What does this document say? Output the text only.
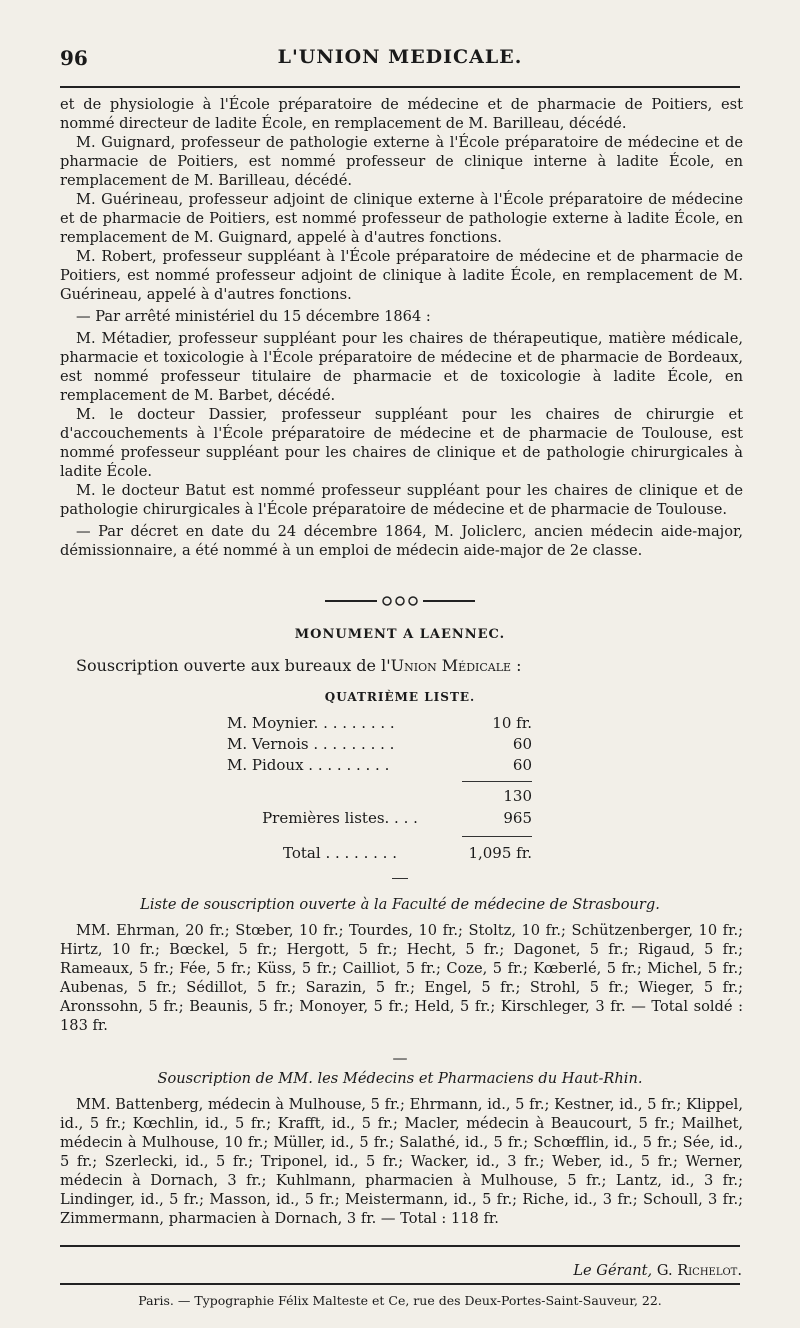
96	L'UNION MEDICALE.

et de physiologie à l'École préparatoire de médecine et de pharmacie de Poitiers, est nommé directeur de ladite École, en remplacement de M. Barilleau, décédé.

M. Guignard, professeur de pathologie externe à l'École préparatoire de médecine et de pharmacie de Poitiers, est nommé professeur de clinique interne à ladite École, en remplacement de M. Barilleau, décédé.

M. Guérineau, professeur adjoint de clinique externe à l'École préparatoire de médecine et de pharmacie de Poitiers, est nommé professeur de pathologie externe à ladite École, en remplacement de M. Guignard, appelé à d'autres fonctions.

M. Robert, professeur suppléant à l'École préparatoire de médecine et de pharmacie de Poitiers, est nommé professeur adjoint de clinique à ladite École, en remplacement de M. Guérineau, appelé à d'autres fonctions.

— Par arrêté ministériel du 15 décembre 1864 :

M. Métadier, professeur suppléant pour les chaires de thérapeutique, matière médicale, pharmacie et toxicologie à l'École préparatoire de médecine et de pharmacie de Bordeaux, est nommé professeur titulaire de pharmacie et de toxicologie à ladite École, en remplacement de M. Barbet, décédé.

M. le docteur Dassier, professeur suppléant pour les chaires de chirurgie et d'accouchements à l'École préparatoire de médecine et de pharmacie de Toulouse, est nommé professeur suppléant pour les chaires de clinique et de pathologie chirurgicales à ladite École.

M. le docteur Batut est nommé professeur suppléant pour les chaires de clinique et de pathologie chirurgicales à l'École préparatoire de médecine et de pharmacie de Toulouse.

— Par décret en date du 24 décembre 1864, M. Joliclerc, ancien médecin aide-major, démissionnaire, a été nommé à un emploi de médecin aide-major de 2e classe.

MONUMENT A LAENNEC.
Souscription ouverte aux bureaux de l'Union Médicale :
QUATRIÈME LISTE.
M. Moynier. . . . . . . . .	10 fr.
M. Vernois . . . . . . . . .	60
M. Pidoux . . . . . . . . .	60
130
Premières listes. . . .	965
Total . . . . . . . .	1,095 fr.
Liste de souscription ouverte à la Faculté de médecine de Strasbourg.

MM. Ehrman, 20 fr.; Stœber, 10 fr.; Tourdes, 10 fr.; Stoltz, 10 fr.; Schützenberger, 10 fr.; Hirtz, 10 fr.; Bœckel, 5 fr.; Hergott, 5 fr.; Hecht, 5 fr.; Dagonet, 5 fr.; Rigaud, 5 fr.; Rameaux, 5 fr.; Fée, 5 fr.; Küss, 5 fr.; Cailliot, 5 fr.; Coze, 5 fr.; Kœberlé, 5 fr.; Michel, 5 fr.; Aubenas, 5 fr.; Sédillot, 5 fr.; Sarazin, 5 fr.; Engel, 5 fr.; Strohl, 5 fr.; Wieger, 5 fr.; Aronssohn, 5 fr.; Beaunis, 5 fr.; Monoyer, 5 fr.; Held, 5 fr.; Kirschleger, 3 fr. — Total soldé : 183 fr.

—
Souscription de MM. les Médecins et Pharmaciens du Haut-Rhin.

MM. Battenberg, médecin à Mulhouse, 5 fr.; Ehrmann, id., 5 fr.; Kestner, id., 5 fr.; Klippel, id., 5 fr.; Kœchlin, id., 5 fr.; Krafft, id., 5 fr.; Macler, médecin à Beaucourt, 5 fr.; Mailhet, médecin à Mulhouse, 10 fr.; Müller, id., 5 fr.; Salathé, id., 5 fr.; Schœfflin, id., 5 fr.; Sée, id., 5 fr.; Szerlecki, id., 5 fr.; Triponel, id., 5 fr.; Wacker, id., 3 fr.; Weber, id., 5 fr.; Werner, médecin à Dornach, 3 fr.; Kuhlmann, pharmacien à Mulhouse, 5 fr.; Lantz, id., 3 fr.; Lindinger, id., 5 fr.; Masson, id., 5 fr.; Meistermann, id., 5 fr.; Riche, id., 3 fr.; Schoull, 3 fr.; Zimmermann, pharmacien à Dornach, 3 fr. — Total : 118 fr.

Le Gérant, G. Richelot.
Paris. — Typographie Félix Malteste et Ce, rue des Deux-Portes-Saint-Sauveur, 22.
